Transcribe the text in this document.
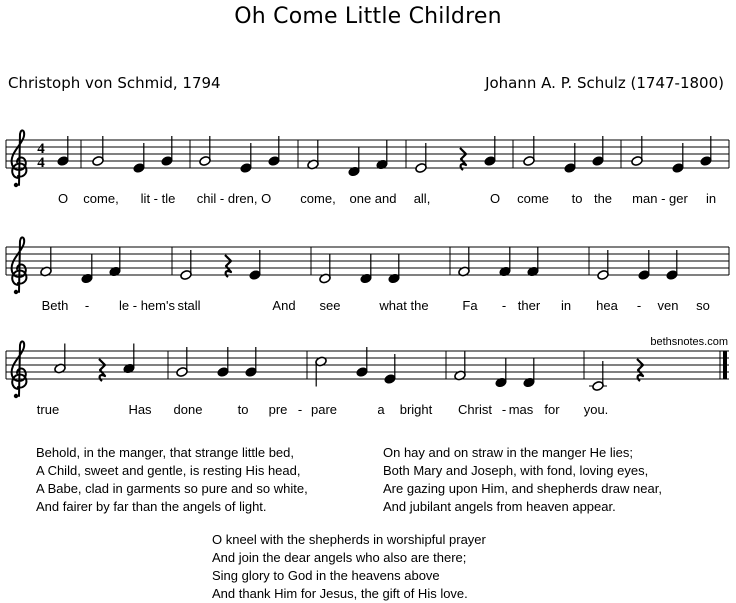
Oh Come Little Children
Christoph von Schmid, 1794	Johann A. P. Schulz (1747-1800)
4
4
O come, lit - tle chil - dren, O come, one and all,	O come to the man - ger in
Beth - le - hem's stall	And see	what the	Fa - ther in hea - ven so
bethsnotes.com
true	Has done	to pre - pare	a bright Christ - mas for you.
Behold, in the manger, that strange little bed,
A Child, sweet and gentle, is resting His head,
A Babe, clad in garments so pure and so white,
And fairer by far than the angels of light.
On hay and on straw in the manger He lies;
Both Mary and Joseph, with fond, loving eyes,
Are gazing upon Him, and shepherds draw near,
And jubilant angels from heaven appear.
O kneel with the shepherds in worshipful prayer
And join the dear angels who also are there;
Sing glory to God in the heavens above
And thank Him for Jesus, the gift of His love.
